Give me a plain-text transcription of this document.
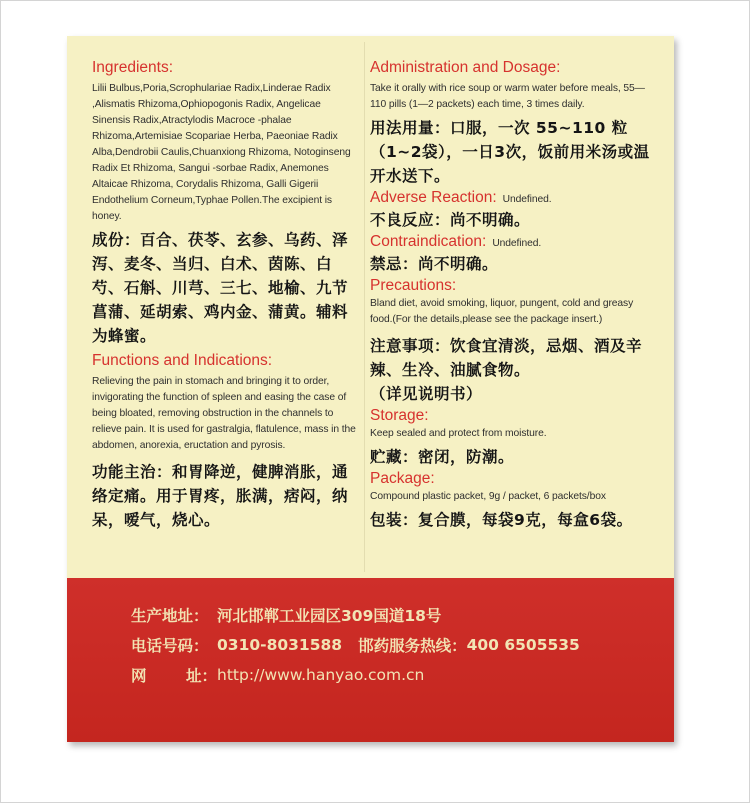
Ingredients:

Lilii Bulbus,Poria,Scrophulariae Radix,Linderae Radix ,Alismatis Rhizoma,Ophiopogonis Radix, Angelicae Sinensis Radix,Atractylodis Macroce -phalae Rhizoma,Artemisiae Scopariae Herba, Paeoniae Radix Alba,Dendrobii Caulis,Chuanxiong Rhizoma, Notoginseng Radix Et Rhizoma, Sangui -sorbae Radix, Anemones Altaicae Rhizoma, Corydalis Rhizoma, Galli Gigerii Endothelium Corneum,Typhae Pollen.The excipient is honey.

成份：百合、茯苓、玄参、乌药、泽泻、麦冬、当归、白术、茵陈、白芍、石斛、川芎、三七、地榆、九节菖蒲、延胡索、鸡内金、蒲黄。辅料为蜂蜜。

Functions and Indications:

Relieving the pain in stomach and bringing it to order, invigorating the function of spleen and easing the case of being bloated, removing obstruction in the channels to relieve pain. It is used for gastralgia, flatulence, mass in the abdomen, anorexia, eructation and pyrosis.

功能主治：和胃降逆，健脾消胀，通络定痛。用于胃疼，胀满，痞闷，纳呆，嗳气，烧心。

Administration and Dosage:

Take it orally with rice soup or warm water before meals, 55—110 pills (1—2 packets) each time, 3 times daily.

用法用量：口服，一次 55~110 粒（1~2袋），一日3次，饭前用米汤或温开水送下。

Adverse Reaction: Undefined.

不良反应：尚不明确。

Contraindication: Undefined.

禁忌：尚不明确。

Precautions:

Bland diet, avoid smoking, liquor, pungent, cold and greasy food.(For the details,please see the package insert.)

注意事项：饮食宜清淡，忌烟、酒及辛辣、生冷、油腻食物。

（详见说明书）

Storage:

Keep sealed and protect from moisture.

贮藏：密闭，防潮。

Package:

Compound plastic packet, 9g / packet, 6 packets/box

包装：复合膜，每袋9克，每盒6袋。

生产地址： 河北邯郸工业园区309国道18号
电话号码： 0310-8031588 邯药服务热线： 400 6505535
网	址： http://www.hanyao.com.cn
